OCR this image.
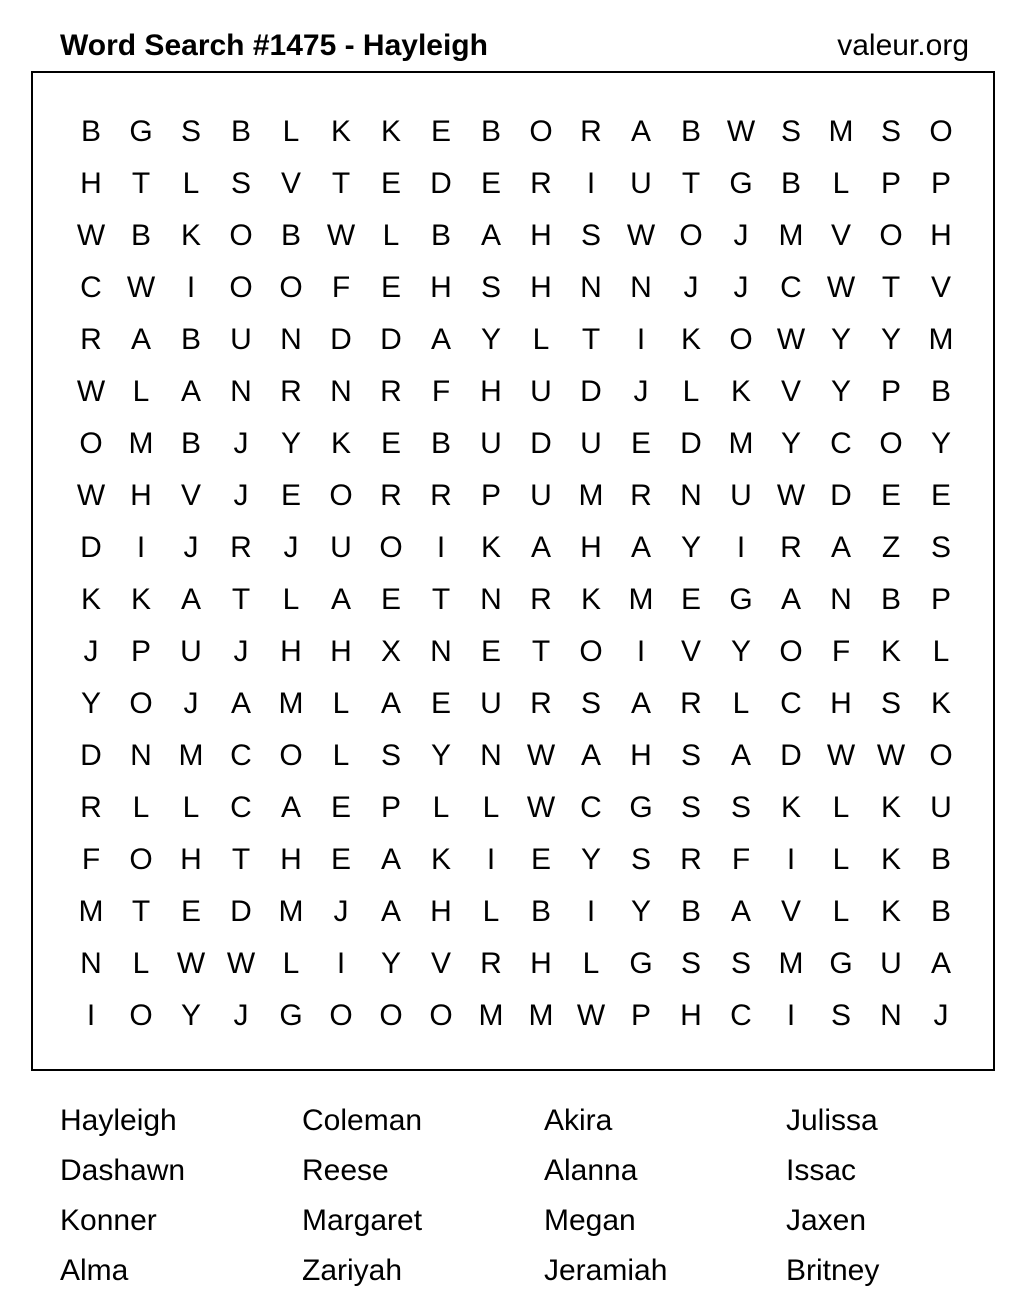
Word Search #1475 - Hayleigh	valeur.org
B G S B	L	K K E B O R A B W S M S O
H	T	L	S V	T	E D E R	I	U	T G B	L	P P
W B K O B W L	B A H S W O	J	M V O H
C W	I	O O F	E H S H N N	J	J	C W T	V
R A B U N D D A Y	L	T	I	K O W Y Y M
W L	A N R N R	F	H U D	J	L	K V Y P B
O M B	J	Y K E B U D U E D M Y C O Y
W H V	J	E O R R P U M R N U W D E E
D	I	J	R	J	U O	I	K A H A Y	I	R A	Z	S
K K A	T	L	A E	T	N R K M E G A N B P
J	P U	J	H H X N E	T O	I	V Y O F	K	L
Y O	J	A M L	A E U R S A R	L	C H S K
D N M C O L	S Y N W A H S A D W W O
R	L	L	C A E P	L	L W C G S S K	L	K U
F O H	T	H E A K	I	E Y S R	F	I	L	K B
M T	E D M	J	A H	L	B	I	Y B A V	L	K B
N	L W W L	I	Y V R H	L G S S M G U A
I	O Y	J	G O O O M M W P H C	I	S N	J
Hayleigh	Coleman	Akira	Julissa
Dashawn	Reese	Alanna	Issac
Konner	Margaret	Megan	Jaxen
Alma	Zariyah	Jeramiah	Britney
